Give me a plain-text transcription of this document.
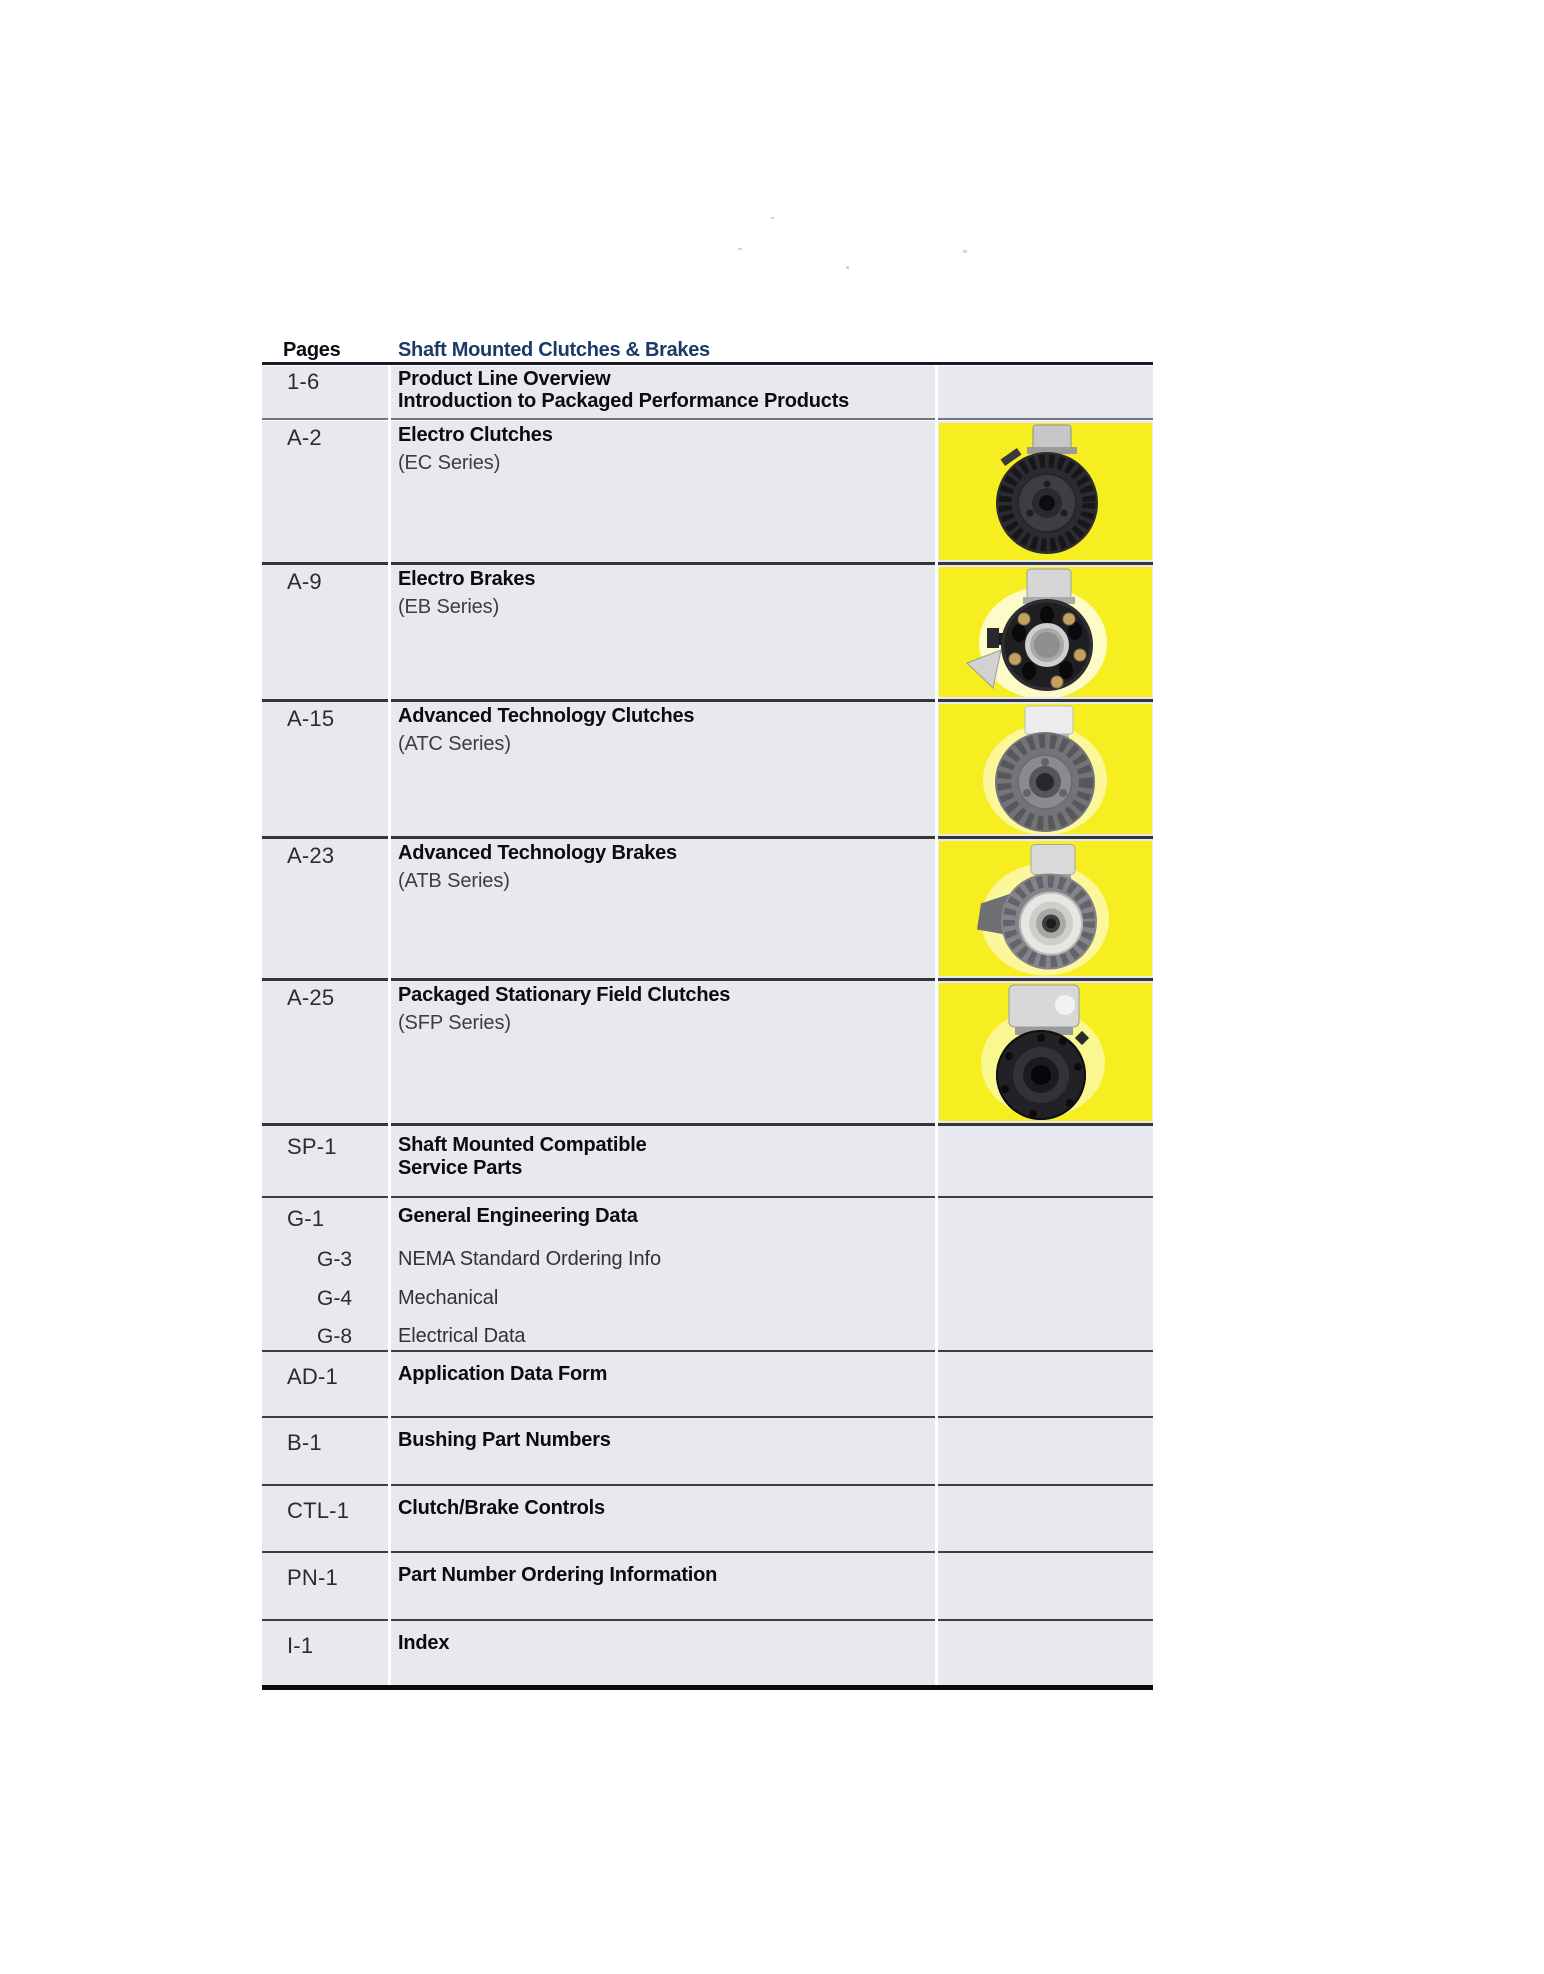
Pages	Shaft Mounted Clutches & Brakes
1-6	Product Line Overview
Introduction to Packaged Performance Products
A-2	Electro Clutches
(EC Series)
A-9	Electro Brakes
(EB Series)
A-15	Advanced Technology Clutches
(ATC Series)
A-23	Advanced Technology Brakes
(ATB Series)
A-25	Packaged Stationary Field Clutches
(SFP Series)
SP-1	Shaft Mounted Compatible
Service Parts
G-1	General Engineering Data
G-3 NEMA Standard Ordering Info
G-4 Mechanical
G-8 Electrical Data
AD-1	Application Data Form
B-1	Bushing Part Numbers
CTL-1 Clutch/Brake Controls
PN-1	Part Number Ordering Information
I-1	Index
